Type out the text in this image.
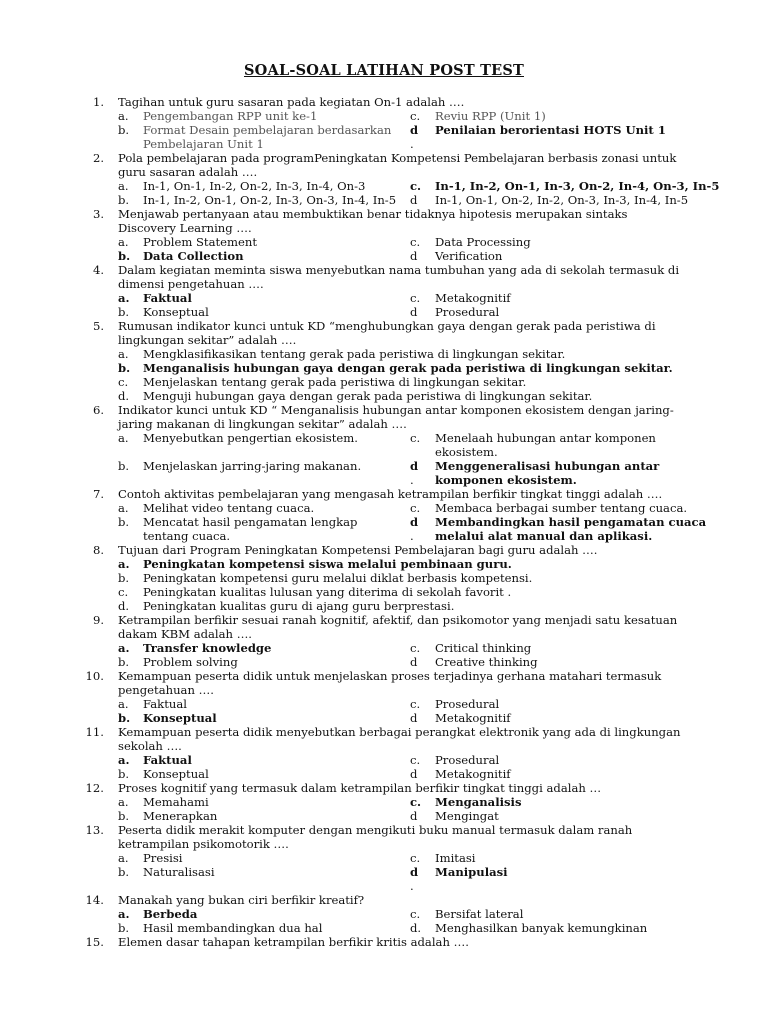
SOAL-SOAL LATIHAN POST TEST
1. Tagihan untuk guru sasaran pada kegiatan On-1 adalah ….
a.	Pengembangan RPP unit ke-1	c.	Reviu RPP (Unit 1)
b.	Format Desain pembelajaran berdasarkan Pembelajaran Unit 1
d	Penilaian berorientasi HOTS Unit 1
.
2. Pola pembelajaran pada programPeningkatan Kompetensi Pembelajaran berbasis zonasi untuk guru sasaran adalah ….
a.	In-1, On-1, In-2, On-2, In-3, In-4, On-3	c.	In-1, In-2, On-1, In-3, On-2, In-4, On-3, In-5
b.	In-1, In-2, On-1, On-2, In-3, On-3, In-4, In-5 d	In-1, On-1, On-2, In-2, On-3, In-3, In-4, In-5
3. Menjawab pertanyaan atau membuktikan benar tidaknya hipotesis merupakan sintaks Discovery Learning ….
a.	Problem Statement	c.	Data Processing
b.	Data Collection	d	Verification
4. Dalam kegiatan meminta siswa menyebutkan nama tumbuhan yang ada di sekolah termasuk di dimensi pengetahuan ….
a.	Faktual	c.	Metakognitif
b.	Konseptual	d	Prosedural
5. Rumusan indikator kunci untuk KD “menghubungkan gaya dengan gerak pada peristiwa di lingkungan sekitar” adalah ….
a.	Mengklasifikasikan tentang gerak pada peristiwa di lingkungan sekitar.
b.	Menganalisis hubungan gaya dengan gerak pada peristiwa di lingkungan sekitar.
c.	Menjelaskan tentang gerak pada peristiwa di lingkungan sekitar.
d.	Menguji hubungan gaya dengan gerak pada peristiwa di lingkungan sekitar.
6. Indikator kunci untuk KD “ Menganalisis hubungan antar komponen ekosistem dengan jaring-jaring makanan di lingkungan sekitar” adalah ….
a.	Menyebutkan pengertian ekosistem.	c.	Menelaah hubungan antar komponen ekosistem.
b.	Menjelaskan jarring-jaring makanan.	d	Menggeneralisasi hubungan antar komponen ekosistem.
.
7. Contoh aktivitas pembelajaran yang mengasah ketrampilan berfikir tingkat tinggi adalah ….
a.	Melihat video tentang cuaca.	c.	Membaca berbagai sumber tentang cuaca.
b.	Mencatat hasil pengamatan lengkap tentang cuaca.
d	Membandingkan hasil pengamatan cuaca melalui alat manual dan aplikasi.
.
8. Tujuan dari Program Peningkatan Kompetensi Pembelajaran bagi guru adalah ….
a.	Peningkatan kompetensi siswa melalui pembinaan guru.
b.	Peningkatan kompetensi guru melalui diklat berbasis kompetensi.
c.	Peningkatan kualitas lulusan yang diterima di sekolah favorit .
d.	Peningkatan kualitas guru di ajang guru berprestasi.
9. Ketrampilan berfikir sesuai ranah kognitif, afektif, dan psikomotor yang menjadi satu kesatuan dakam KBM adalah ….
a.	Transfer knowledge	c.	Critical thinking
b.	Problem solving	d	Creative thinking
10. Kemampuan peserta didik untuk menjelaskan proses terjadinya gerhana matahari termasuk pengetahuan ….
a.	Faktual	c.	Prosedural
b.	Konseptual	d	Metakognitif
11. Kemampuan peserta didik menyebutkan berbagai perangkat elektronik yang ada di lingkungan sekolah ….
a.	Faktual	c.	Prosedural
b.	Konseptual	d	Metakognitif
12. Proses kognitif yang termasuk dalam ketrampilan berfikir tingkat tinggi adalah …
a.	Memahami	c.	Menganalisis
b.	Menerapkan	d	Mengingat
13. Peserta didik merakit komputer dengan mengikuti buku manual termasuk dalam ranah ketrampilan psikomotorik ….
a.	Presisi	c.	Imitasi
b.	Naturalisasi	d	Manipulasi
.
14. Manakah yang bukan ciri berfikir kreatif?
a.	Berbeda	c.	Bersifat lateral
b.	Hasil membandingkan dua hal	d.	Menghasilkan banyak kemungkinan
15. Elemen dasar tahapan ketrampilan berfikir kritis adalah ….
